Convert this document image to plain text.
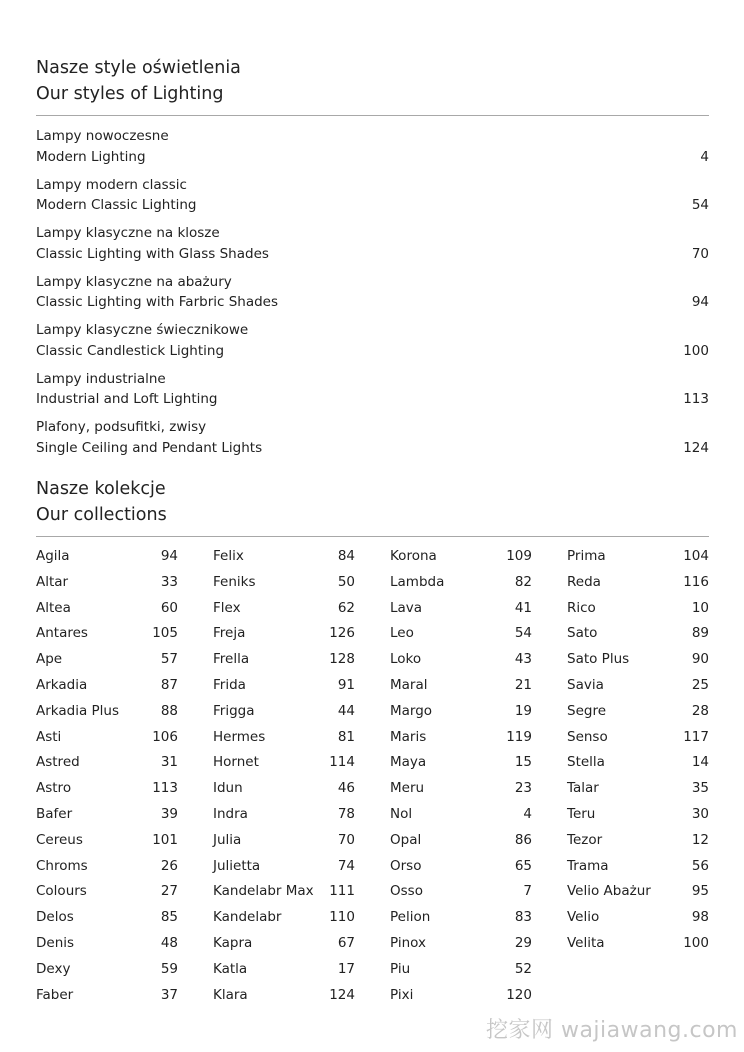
Nasze style oświetlenia
Our styles of Lighting
Lampy nowoczesne
Modern Lighting	4
Lampy modern classic
Modern Classic Lighting	54
Lampy klasyczne na klosze
Classic Lighting with Glass Shades	70
Lampy klasyczne na abażury
Classic Lighting with Farbric Shades	94
Lampy klasyczne świecznikowe
Classic Candlestick Lighting	100
Lampy industrialne
Industrial and Loft Lighting	113
Plafony, podsufitki, zwisy
Single Ceiling and Pendant Lights	124
Nasze kolekcje
Our collections
Agila	94
Altar	33
Altea	60
Antares	105
Ape	57
Arkadia	87
Arkadia Plus	88
Asti	106
Astred	31
Astro	113
Bafer	39
Cereus	101
Chroms	26
Colours	27
Delos	85
Denis	48
Dexy	59
Faber	37
Felix	84
Feniks	50
Flex	62
Freja	126
Frella	128
Frida	91
Frigga	44
Hermes	81
Hornet	114
Idun	46
Indra	78
Julia	70
Julietta	74
Kandelabr Max 111
Kandelabr	110
Kapra	67
Katla	17
Klara	124
Korona	109
Lambda	82
Lava	41
Leo	54
Loko	43
Maral	21
Margo	19
Maris	119
Maya	15
Meru	23
Nol	4
Opal	86
Orso	65
Osso	7
Pelion	83
Pinox	29
Piu	52
Pixi	120
Prima	104
Reda	116
Rico	10
Sato	89
Sato Plus	90
Savia	25
Segre	28
Senso	117
Stella	14
Talar	35
Teru	30
Tezor	12
Trama	56
Velio Abażur	95
Velio	98
Velita	100
挖家网 wajiawang.com
